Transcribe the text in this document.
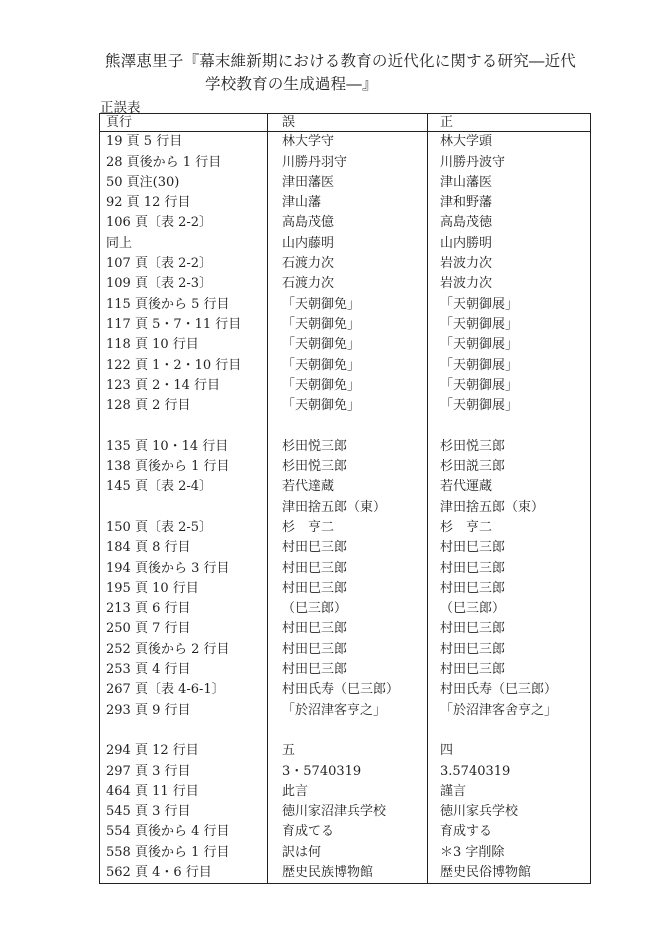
熊澤恵里子『幕末維新期における教育の近代化に関する研究―近代
学校教育の生成過程―』
正誤表
頁行	誤	正
19 頁 5 行目	林大学守	林大学頭
28 頁後から 1 行目	川勝丹羽守	川勝丹波守
50 頁注(30)	津田藩医	津山藩医
92 頁 12 行目	津山藩	津和野藩
106 頁〔表 2-2〕	高島茂億	高島茂徳
同上	山内藤明	山内勝明
107 頁〔表 2-2〕	石渡力次	岩波力次
109 頁〔表 2-3〕	石渡力次	岩波力次
115 頁後から 5 行目	「天朝御免」	「天朝御展」
117 頁 5・7・11 行目	「天朝御免」	「天朝御展」
118 頁 10 行目	「天朝御免」	「天朝御展」
122 頁 1・2・10 行目	「天朝御免」	「天朝御展」
123 頁 2・14 行目	「天朝御免」	「天朝御展」
128 頁 2 行目	「天朝御免」	「天朝御展」

135 頁 10・14 行目	杉田悦三郎	杉田悦三郎
138 頁後から 1 行目	杉田悦三郎	杉田説三郎
145 頁〔表 2-4〕	若代達蔵	若代運蔵
	津田捨五郎（東）	津田捨五郎（束）
150 頁〔表 2-5〕	杉　亨二	杉　亨二
184 頁 8 行目	村田巳三郎	村田巳三郎
194 頁後から 3 行目	村田巳三郎	村田巳三郎
195 頁 10 行目	村田巳三郎	村田巳三郎
213 頁 6 行目	（巳三郎）	（巳三郎）
250 頁 7 行目	村田巳三郎	村田巳三郎
252 頁後から 2 行目	村田巳三郎	村田巳三郎
253 頁 4 行目	村田巳三郎	村田巳三郎
267 頁〔表 4-6-1〕	村田氏寿（巳三郎）	村田氏寿（巳三郎）
293 頁 9 行目	「於沼津客亨之」	「於沼津客舍亨之」
294 頁 12 行目	五	四
297 頁 3 行目	3・5740319	3.5740319
464 頁 11 行目	此言	謹言
545 頁 3 行目	徳川家沼津兵学校	徳川家兵学校
554 頁後から 4 行目	育成てる	育成する
558 頁後から 1 行目	訳は何	＊3 字削除
562 頁 4・6 行目	歴史民族博物館	歴史民俗博物館
